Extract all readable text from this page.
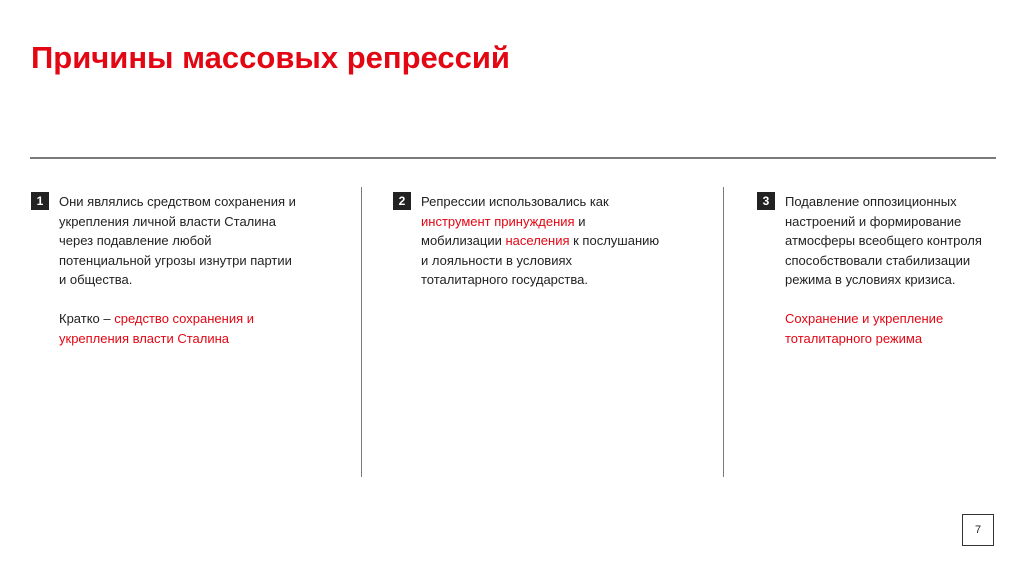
Причины массовых репрессий
1	Они являлись средством сохранения и укрепления личной власти Сталина через подавление любой потенциальной угрозы изнутри партии и общества.

Кратко – средство сохранения и укрепления власти Сталина

2	Репрессии использовались как инструмент принуждения и мобилизации населения к послушанию и лояльности в условиях тоталитарного государства.

3	Подавление оппозиционных настроений и формирование атмосферы всеобщего контроля способствовали стабилизации режима в условиях кризиса.

Сохранение и укрепление тоталитарного режима

7
